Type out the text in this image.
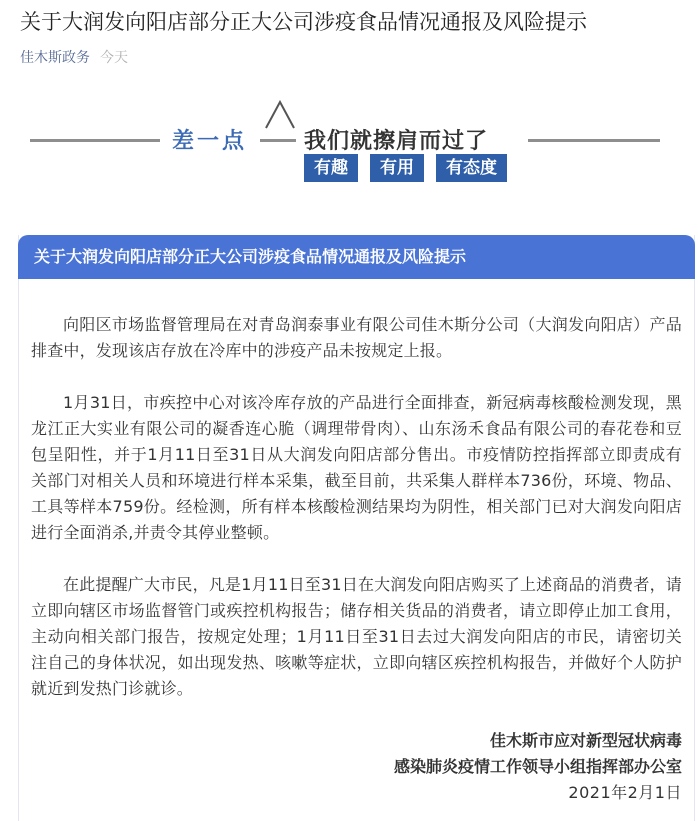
关于大润发向阳店部分正大公司涉疫食品情况通报及风险提示
佳木斯政务 今天
差一点	我们就擦肩而过了
有趣	有用	有态度
关于大润发向阳店部分正大公司涉疫食品情况通报及风险提示

向阳区市场监督管理局在对青岛润泰事业有限公司佳木斯分公司（大润发向阳店）产品排查中，发现该店存放在冷库中的涉疫产品未按规定上报。

1月31日，市疾控中心对该冷库存放的产品进行全面排查，新冠病毒核酸检测发现，黑龙江正大实业有限公司的凝香连心脆（调理带骨肉）、山东汤禾食品有限公司的春花卷和豆包呈阳性，并于1月11日至31日从大润发向阳店部分售出。市疫情防控指挥部立即责成有关部门对相关人员和环境进行样本采集，截至目前，共采集人群样本736份，环境、物品、工具等样本759份。经检测，所有样本核酸检测结果均为阴性，相关部门已对大润发向阳店进行全面消杀,并责令其停业整顿。

在此提醒广大市民，凡是1月11日至31日在大润发向阳店购买了上述商品的消费者，请立即向辖区市场监督管门或疾控机构报告；储存相关货品的消费者，请立即停止加工食用，主动向相关部门报告，按规定处理；1月11日至31日去过大润发向阳店的市民，请密切关注自己的身体状况，如出现发热、咳嗽等症状，立即向辖区疾控机构报告，并做好个人防护就近到发热门诊就诊。

佳木斯市应对新型冠状病毒
感染肺炎疫情工作领导小组指挥部办公室
2021年2月1日
